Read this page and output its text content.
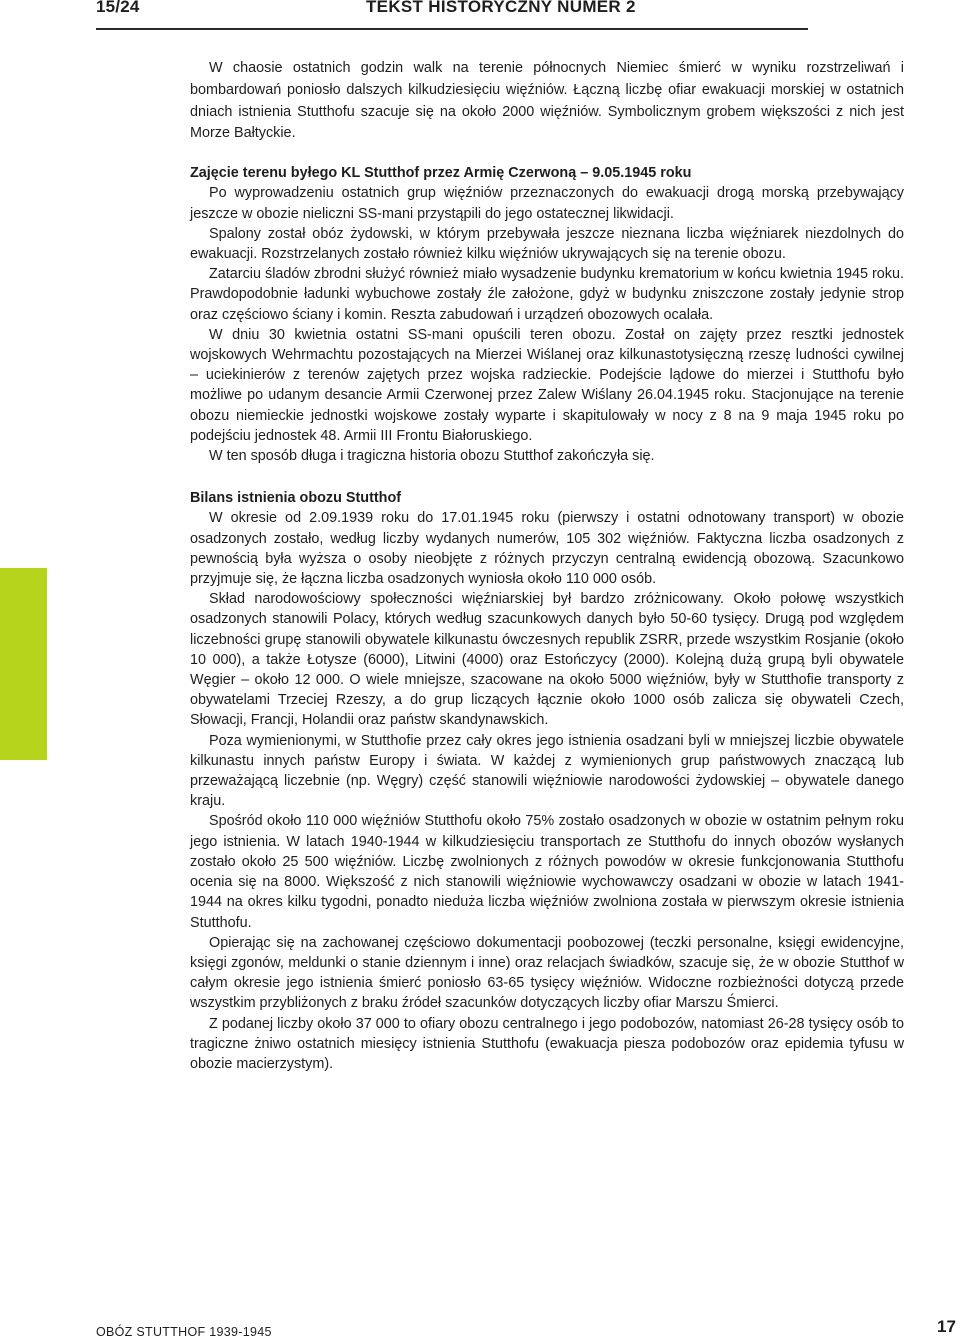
15/24	TEKST HISTORYCZNY NUMER 2

W chaosie ostatnich godzin walk na terenie północnych Niemiec śmierć w wyniku rozstrzeliwań i bombardowań poniosło dalszych kilkudziesięciu więźniów. Łączną liczbę ofiar ewakuacji morskiej w ostatnich dniach istnienia Stutthofu szacuje się na około 2000 więźniów. Symbolicznym grobem większości z nich jest Morze Bałtyckie.

Zajęcie terenu byłego KL Stutthof przez Armię Czerwoną – 9.05.1945 roku

Po wyprowadzeniu ostatnich grup więźniów przeznaczonych do ewakuacji drogą morską przebywający jeszcze w obozie nieliczni SS-mani przystąpili do jego ostatecznej likwidacji.

Spalony został obóz żydowski, w którym przebywała jeszcze nieznana liczba więźniarek niezdolnych do ewakuacji. Rozstrzelanych zostało również kilku więźniów ukrywających się na terenie obozu.

Zatarciu śladów zbrodni służyć również miało wysadzenie budynku krematorium w końcu kwietnia 1945 roku. Prawdopodobnie ładunki wybuchowe zostały źle założone, gdyż w budynku zniszczone zostały jedynie strop oraz częściowo ściany i komin. Reszta zabudowań i urządzeń obozowych ocalała.

W dniu 30 kwietnia ostatni SS-mani opuścili teren obozu. Został on zajęty przez resztki jednostek wojskowych Wehrmachtu pozostających na Mierzei Wiślanej oraz kilkunastotysięczną rzeszę ludności cywilnej – uciekinierów z terenów zajętych przez wojska radzieckie. Podejście lądowe do mierzei i Stutthofu było możliwe po udanym desancie Armii Czerwonej przez Zalew Wiślany 26.04.1945 roku. Stacjonujące na terenie obozu niemieckie jednostki wojskowe zostały wyparte i skapitulowały w nocy z 8 na 9 maja 1945 roku po podejściu jednostek 48. Armii III Frontu Białoruskiego.

W ten sposób długa i tragiczna historia obozu Stutthof zakończyła się.

Bilans istnienia obozu Stutthof

W okresie od 2.09.1939 roku do 17.01.1945 roku (pierwszy i ostatni odnotowany transport) w obozie osadzonych zostało, według liczby wydanych numerów, 105 302 więźniów. Faktyczna liczba osadzonych z pewnością była wyższa o osoby nieobjęte z różnych przyczyn centralną ewidencją obozową. Szacunkowo przyjmuje się, że łączna liczba osadzonych wyniosła około 110 000 osób.

Skład narodowościowy społeczności więźniarskiej był bardzo zróżnicowany. Około połowę wszystkich osadzonych stanowili Polacy, których według szacunkowych danych było 50-60 tysięcy. Drugą pod względem liczebności grupę stanowili obywatele kilkunastu ówczesnych republik ZSRR, przede wszystkim Rosjanie (około 10 000), a także Łotysze (6000), Litwini (4000) oraz Estończycy (2000). Kolejną dużą grupą byli obywatele Węgier – około 12 000. O wiele mniejsze, szacowane na około 5000 więźniów, były w Stutthofie transporty z obywatelami Trzeciej Rzeszy, a do grup liczących łącznie około 1000 osób zalicza się obywateli Czech, Słowacji, Francji, Holandii oraz państw skandynawskich.

Poza wymienionymi, w Stutthofie przez cały okres jego istnienia osadzani byli w mniejszej liczbie obywatele kilkunastu innych państw Europy i świata. W każdej z wymienionych grup państwowych znaczącą lub przeważającą liczebnie (np. Węgry) część stanowili więźniowie narodowości żydowskiej – obywatele danego kraju.

Spośród około 110 000 więźniów Stutthofu około 75% zostało osadzonych w obozie w ostatnim pełnym roku jego istnienia. W latach 1940-1944 w kilkudziesięciu transportach ze Stutthofu do innych obozów wysłanych zostało około 25 500 więźniów. Liczbę zwolnionych z różnych powodów w okresie funkcjonowania Stutthofu ocenia się na 8000. Większość z nich stanowili więźniowie wychowawczy osadzani w obozie w latach 1941-1944 na okres kilku tygodni, ponadto nieduża liczba więźniów zwolniona została w pierwszym okresie istnienia Stutthofu.

Opierając się na zachowanej częściowo dokumentacji poobozowej (teczki personalne, księgi ewidencyjne, księgi zgonów, meldunki o stanie dziennym i inne) oraz relacjach świadków, szacuje się, że w obozie Stutthof w całym okresie jego istnienia śmierć poniosło 63-65 tysięcy więźniów. Widoczne rozbieżności dotyczą przede wszystkim przybliżonych z braku źródeł szacunków dotyczących liczby ofiar Marszu Śmierci.

Z podanej liczby około 37 000 to ofiary obozu centralnego i jego podobozów, natomiast 26-28 tysięcy osób to tragiczne żniwo ostatnich miesięcy istnienia Stutthofu (ewakuacja piesza podobozów oraz epidemia tyfusu w obozie macierzystym).

OBÓZ STUTTHOF 1939-1945	17
